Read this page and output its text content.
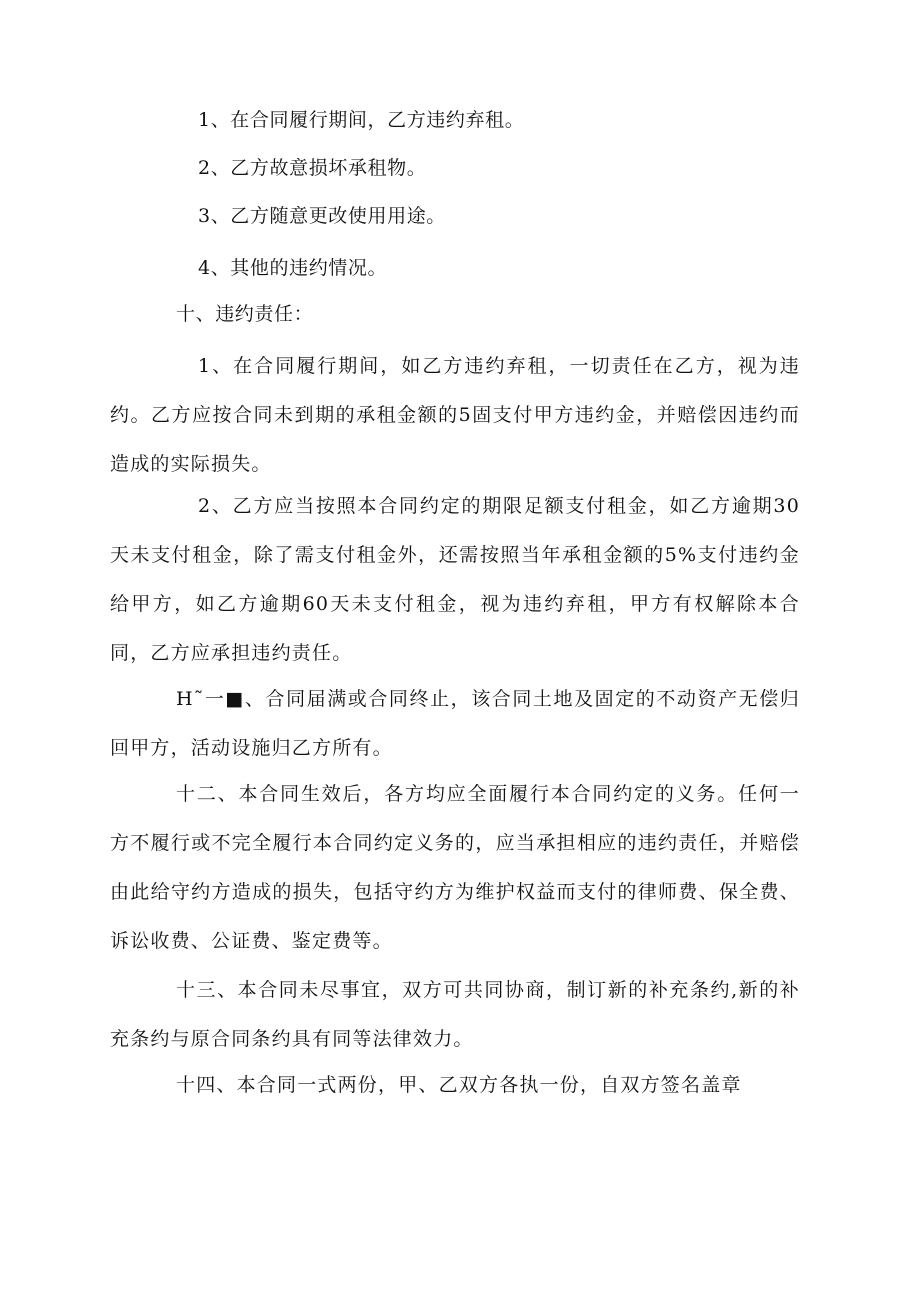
1、在合同履行期间，乙方违约弃租。
2、乙方故意损坏承租物。
3、乙方随意更改使用用途。
4、其他的违约情况。
十、违约责任：
1、在合同履行期间，如乙方违约弃租，一切责任在乙方，视为违约。乙方应按合同未到期的承租金额的5固支付甲方违约金，并赔偿因违约而造成的实际损失。
2、乙方应当按照本合同约定的期限足额支付租金，如乙方逾期30天未支付租金，除了需支付租金外，还需按照当年承租金额的5%支付违约金给甲方，如乙方逾期60天未支付租金，视为违约弃租，甲方有权解除本合同，乙方应承担违约责任。
H˜一■、合同届满或合同终止，该合同土地及固定的不动资产无偿归回甲方，活动设施归乙方所有。
十二、本合同生效后，各方均应全面履行本合同约定的义务。任何一方不履行或不完全履行本合同约定义务的，应当承担相应的违约责任，并赔偿由此给守约方造成的损失，包括守约方为维护权益而支付的律师费、保全费、诉讼收费、公证费、鉴定费等。
十三、本合同未尽事宜，双方可共同协商，制订新的补充条约,新的补充条约与原合同条约具有同等法律效力。
十四、本合同一式两份，甲、乙双方各执一份，自双方签名盖章
